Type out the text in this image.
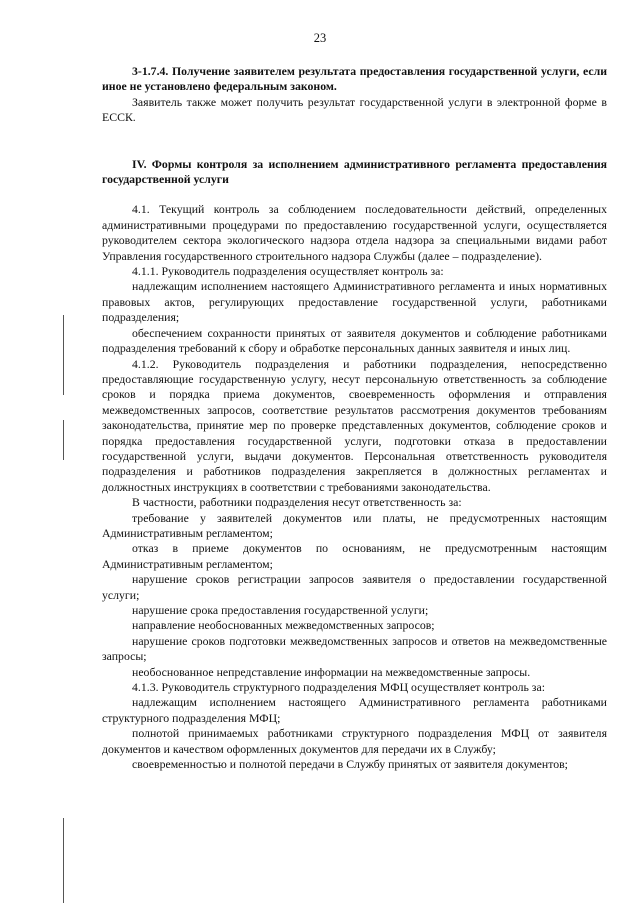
23

3-1.7.4. Получение заявителем результата предоставления государственной услуги, если иное не установлено федеральным законом.

Заявитель также может получить результат государственной услуги в электронной форме в ЕССК.

IV. Формы контроля за исполнением административного регламента предоставления государственной услуги

4.1. Текущий контроль за соблюдением последовательности действий, определенных административными процедурами по предоставлению государственной услуги, осуществляется руководителем сектора экологического надзора отдела надзора за специальными видами работ Управления государственного строительного надзора Службы (далее – подразделение).

4.1.1. Руководитель подразделения осуществляет контроль за:

надлежащим исполнением настоящего Административного регламента и иных нормативных правовых актов, регулирующих предоставление государственной услуги, работниками подразделения;

обеспечением сохранности принятых от заявителя документов и соблюдение работниками подразделения требований к сбору и обработке персональных данных заявителя и иных лиц.

4.1.2. Руководитель подразделения и работники подразделения, непосредственно предоставляющие государственную услугу, несут персональную ответственность за соблюдение сроков и порядка приема документов, своевременность оформления и отправления межведомственных запросов, соответствие результатов рассмотрения документов требованиям законодательства, принятие мер по проверке представленных документов, соблюдение сроков и порядка предоставления государственной услуги, подготовки отказа в предоставлении государственной услуги, выдачи документов. Персональная ответственность руководителя подразделения и работников подразделения закрепляется в должностных регламентах и должностных инструкциях в соответствии с требованиями законодательства.

В частности, работники подразделения несут ответственность за:

требование у заявителей документов или платы, не предусмотренных настоящим Административным регламентом;

отказ в приеме документов по основаниям, не предусмотренным настоящим Административным регламентом;

нарушение сроков регистрации запросов заявителя о предоставлении государственной услуги;

нарушение срока предоставления государственной услуги;

направление необоснованных межведомственных запросов;

нарушение сроков подготовки межведомственных запросов и ответов на межведомственные запросы;

необоснованное непредставление информации на межведомственные запросы.

4.1.3. Руководитель структурного подразделения МФЦ осуществляет контроль за:

надлежащим исполнением настоящего Административного регламента работниками структурного подразделения МФЦ;

полнотой принимаемых работниками структурного подразделения МФЦ от заявителя документов и качеством оформленных документов для передачи их в Службу;

своевременностью и полнотой передачи в Службу принятых от заявителя документов;
